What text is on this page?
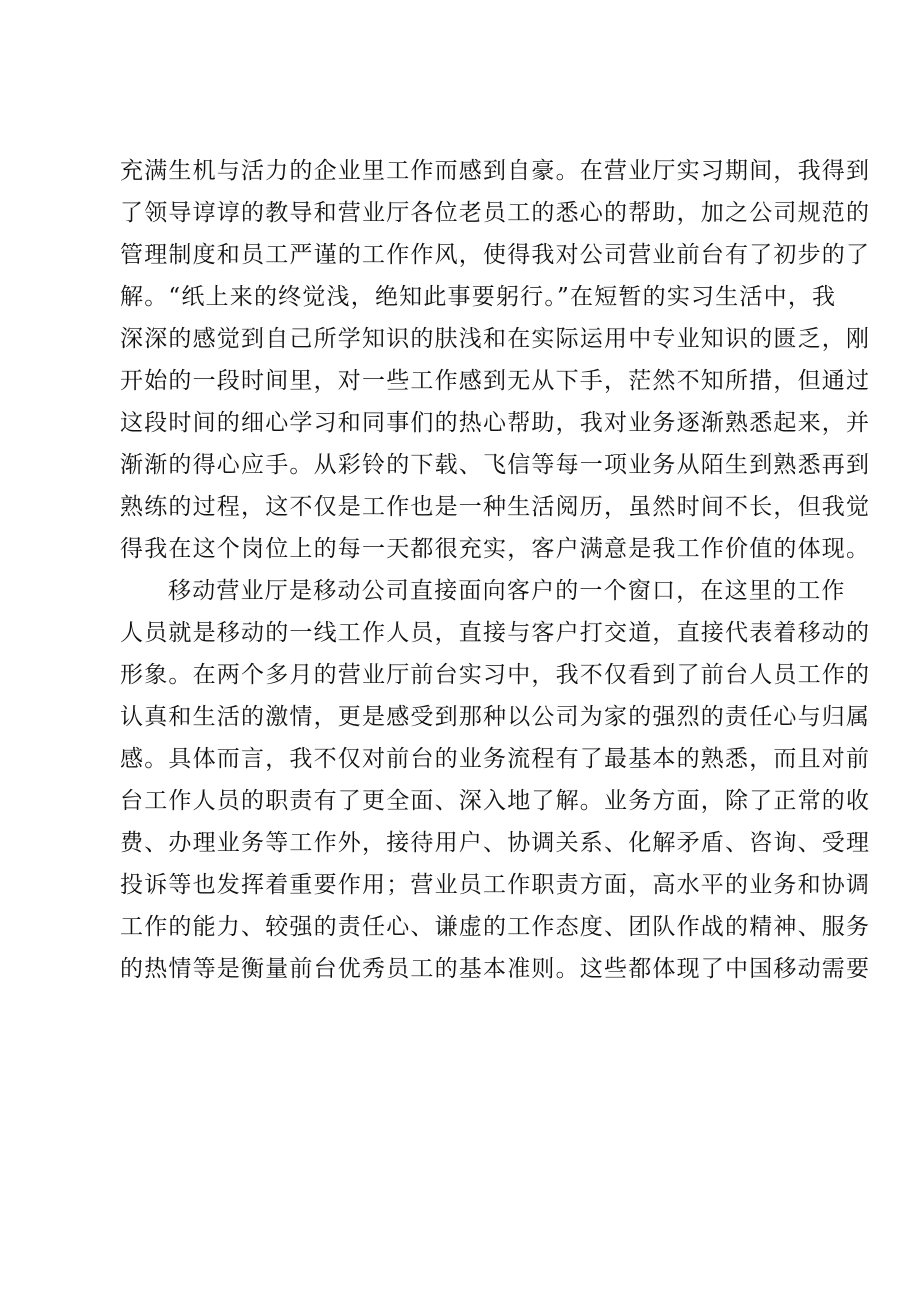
充满生机与活力的企业里工作而感到自豪。在营业厅实习期间，我得到
了领导谆谆的教导和营业厅各位老员工的悉心的帮助，加之公司规范的
管理制度和员工严谨的工作作风，使得我对公司营业前台有了初步的了
解。“纸上来的终觉浅，绝知此事要躬行。”在短暂的实习生活中，我
深深的感觉到自己所学知识的肤浅和在实际运用中专业知识的匮乏，刚
开始的一段时间里，对一些工作感到无从下手，茫然不知所措，但通过
这段时间的细心学习和同事们的热心帮助，我对业务逐渐熟悉起来，并
渐渐的得心应手。从彩铃的下载、飞信等每一项业务从陌生到熟悉再到
熟练的过程，这不仅是工作也是一种生活阅历，虽然时间不长，但我觉
得我在这个岗位上的每一天都很充实，客户满意是我工作价值的体现。
移动营业厅是移动公司直接面向客户的一个窗口，在这里的工作
人员就是移动的一线工作人员，直接与客户打交道，直接代表着移动的
形象。在两个多月的营业厅前台实习中，我不仅看到了前台人员工作的
认真和生活的激情，更是感受到那种以公司为家的强烈的责任心与归属
感。具体而言，我不仅对前台的业务流程有了最基本的熟悉，而且对前
台工作人员的职责有了更全面、深入地了解。业务方面，除了正常的收
费、办理业务等工作外，接待用户、协调关系、化解矛盾、咨询、受理
投诉等也发挥着重要作用；营业员工作职责方面，高水平的业务和协调
工作的能力、较强的责任心、谦虚的工作态度、团队作战的精神、服务
的热情等是衡量前台优秀员工的基本准则。这些都体现了中国移动需要
